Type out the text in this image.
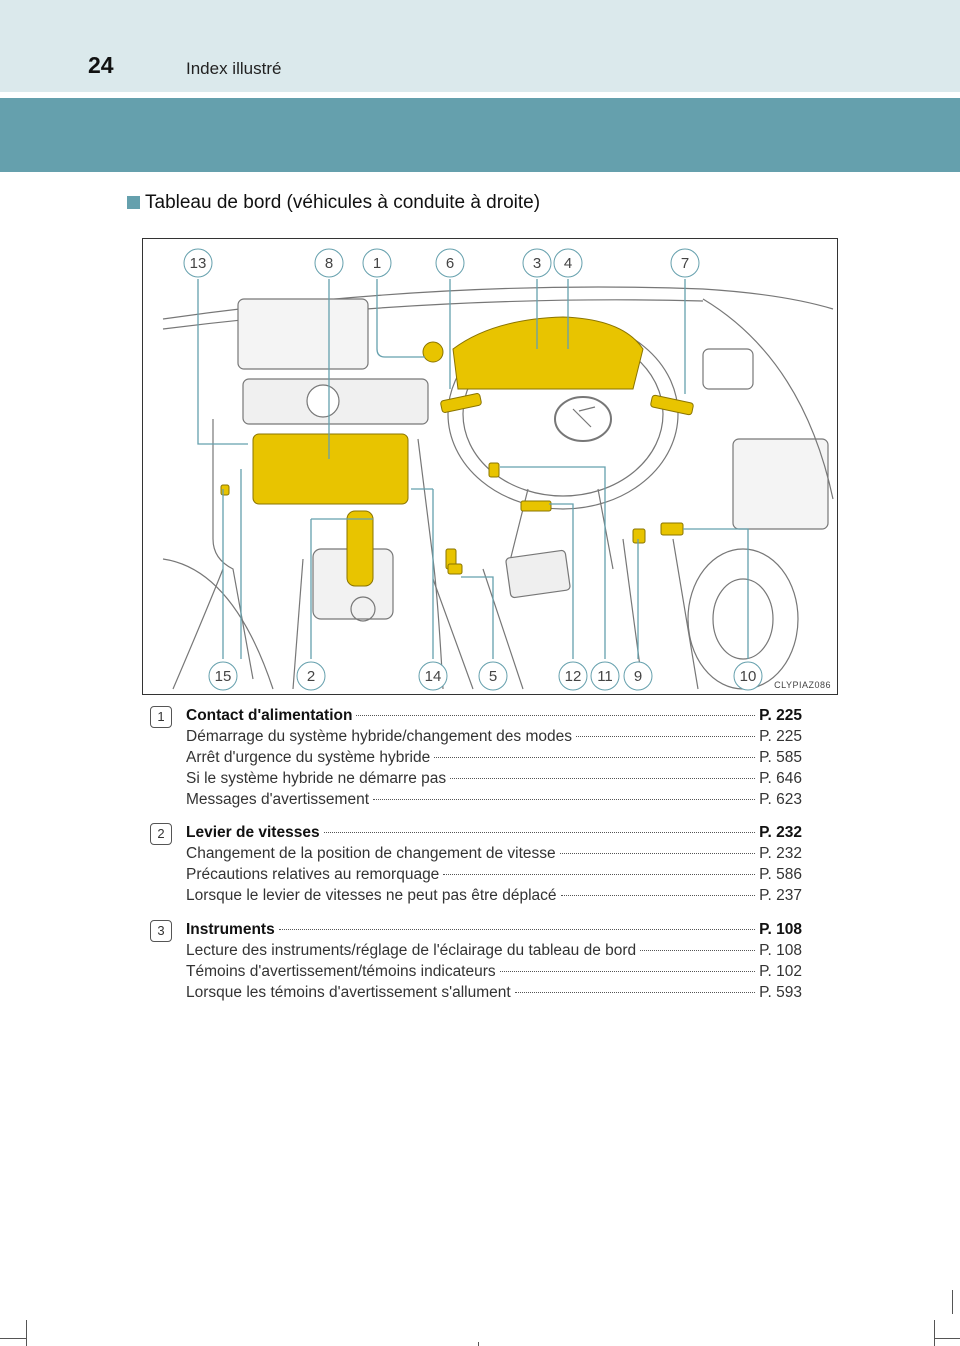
24	Index illustré
Tableau de bord (véhicules à conduite à droite)
13	8	1	6	3 4	7
15	2	14	5	12 11 9	10 CLYPIAZ086
1	Contact d'alimentation	P. 225
Démarrage du système hybride/changement des modes	P. 225
Arrêt d'urgence du système hybride	P. 585
Si le système hybride ne démarre pas	P. 646
Messages d'avertissement	P. 623
2	Levier de vitesses	P. 232
Changement de la position de changement de vitesse	P. 232
Précautions relatives au remorquage	P. 586
Lorsque le levier de vitesses ne peut pas être déplacé	P. 237
3	Instruments	P. 108
Lecture des instruments/réglage de l'éclairage du tableau de bord	P. 108
Témoins d'avertissement/témoins indicateurs	P. 102
Lorsque les témoins d'avertissement s'allument	P. 593
